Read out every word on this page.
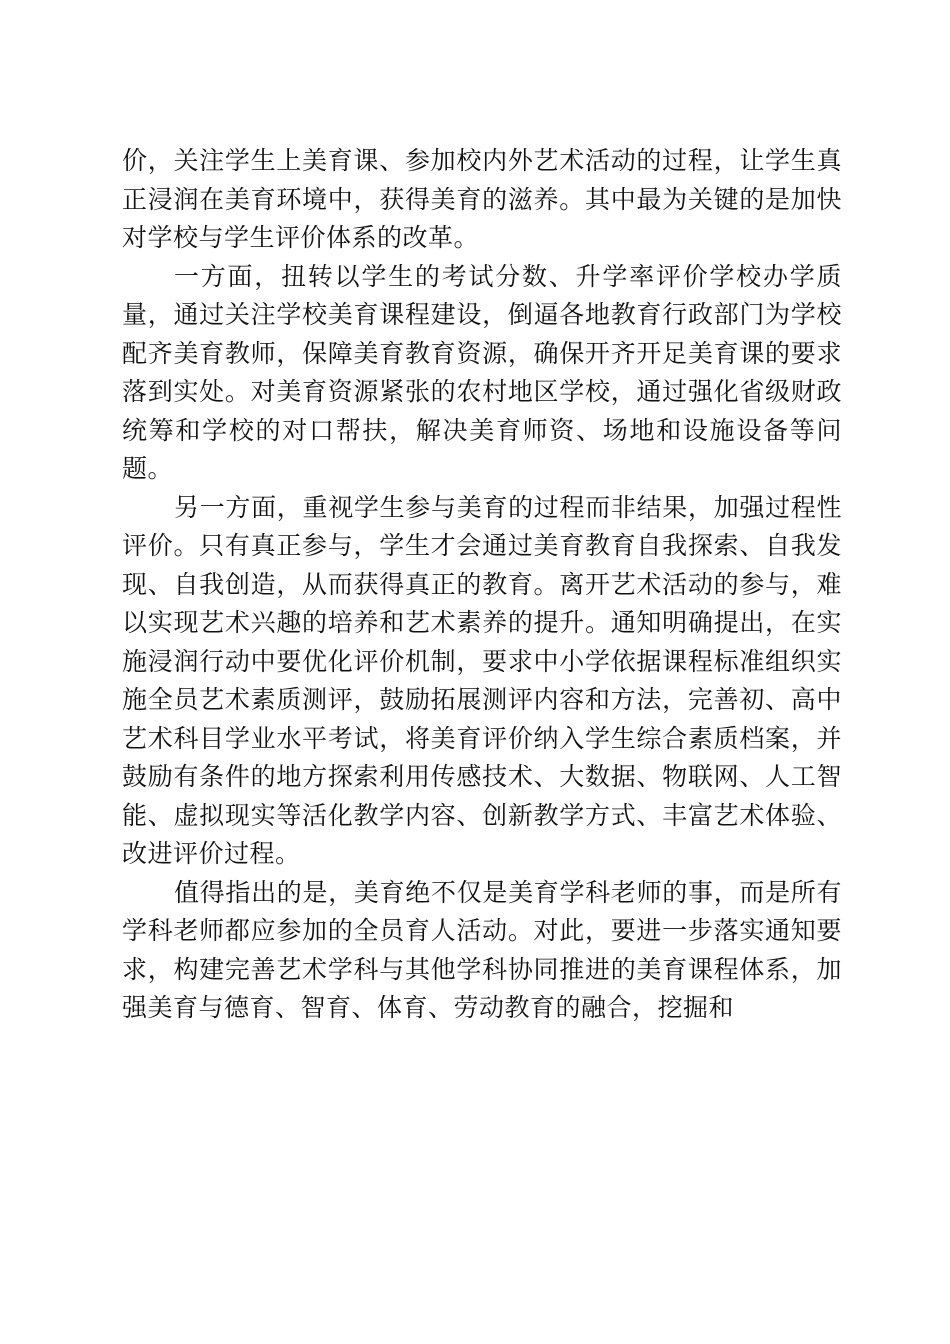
价，关注学生上美育课、参加校内外艺术活动的过程，让学生真正浸润在美育环境中，获得美育的滋养。其中最为关键的是加快对学校与学生评价体系的改革。

一方面，扭转以学生的考试分数、升学率评价学校办学质量，通过关注学校美育课程建设，倒逼各地教育行政部门为学校配齐美育教师，保障美育教育资源，确保开齐开足美育课的要求落到实处。对美育资源紧张的农村地区学校，通过强化省级财政统筹和学校的对口帮扶，解决美育师资、场地和设施设备等问题。

另一方面，重视学生参与美育的过程而非结果，加强过程性评价。只有真正参与，学生才会通过美育教育自我探索、自我发现、自我创造，从而获得真正的教育。离开艺术活动的参与，难以实现艺术兴趣的培养和艺术素养的提升。通知明确提出，在实施浸润行动中要优化评价机制，要求中小学依据课程标准组织实施全员艺术素质测评，鼓励拓展测评内容和方法，完善初、高中艺术科目学业水平考试，将美育评价纳入学生综合素质档案，并鼓励有条件的地方探索利用传感技术、大数据、物联网、人工智能、虚拟现实等活化教学内容、创新教学方式、丰富艺术体验、改进评价过程。

值得指出的是，美育绝不仅是美育学科老师的事，而是所有学科老师都应参加的全员育人活动。对此，要进一步落实通知要求，构建完善艺术学科与其他学科协同推进的美育课程体系，加强美育与德育、智育、体育、劳动教育的融合，挖掘和
